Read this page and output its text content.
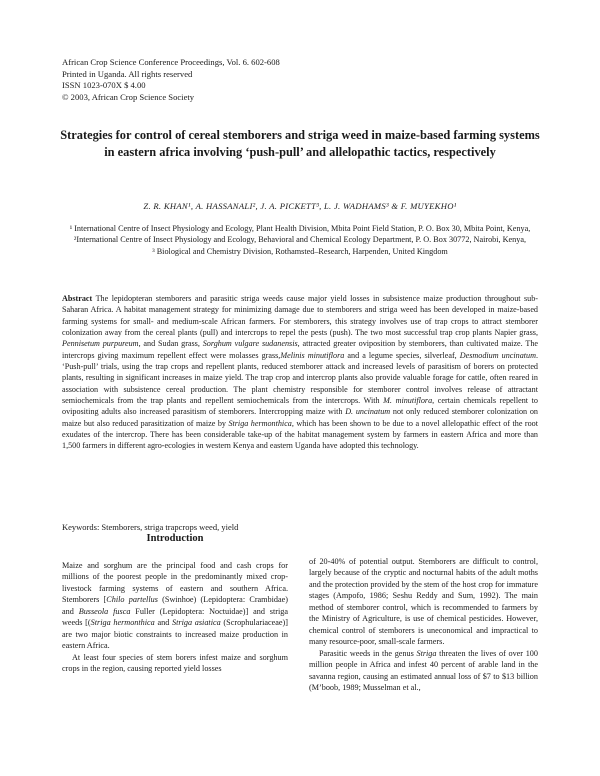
African Crop Science Conference Proceedings, Vol. 6. 602-608
Printed in Uganda. All rights reserved
ISSN 1023-070X $ 4.00
© 2003, African Crop Science Society
Strategies for control of cereal stemborers and striga weed in maize-based farming systems in eastern africa involving ‘push-pull’ and allelopathic tactics, respectively
Z. R. KHAN¹, A. HASSANALI², J. A. PICKETT³, L. J. WADHAMS³ & F. MUYEKHO¹
¹ International Centre of Insect Physiology and Ecology, Plant Health Division, Mbita Point Field Station, P. O. Box 30, Mbita Point, Kenya,
²International Centre of Insect Physiology and Ecology, Behavioral and Chemical Ecology Department, P. O. Box 30772, Nairobi, Kenya,
³ Biological and Chemistry Division, Rothamsted–Research, Harpenden, United Kingdom
Abstract The lepidopteran stemborers and parasitic striga weeds cause major yield losses in subsistence maize production throughout sub-Saharan Africa. A habitat management strategy for minimizing damage due to stemborers and striga weed has been developed in maize-based farming systems for small- and medium-scale African farmers. For stemborers, this strategy involves use of trap crops to attract stemborer colonization away from the cereal plants (pull) and intercrops to repel the pests (push). The two most successful trap crop plants Napier grass, Pennisetum purpureum, and Sudan grass, Sorghum vulgare sudanensis, attracted greater oviposition by stemborers, than cultivated maize. The intercrops giving maximum repellent effect were molasses grass,Melinis minutiflora and a legume species, silverleaf, Desmodium uncinatum. ‘Push-pull’ trials, using the trap crops and repellent plants, reduced stemborer attack and increased levels of parasitism of borers on protected plants, resulting in significant increases in maize yield. The trap crop and intercrop plants also provide valuable forage for cattle, often reared in association with subsistence cereal production. The plant chemistry responsible for stemborer control involves release of attractant semiochemicals from the trap plants and repellent semiochemicals from the intercrops. With M. minutiflora, certain chemicals repellent to ovipositing adults also increased parasitism of stemborers. Intercropping maize with D. uncinatum not only reduced stemborer colonization on maize but also reduced parasitization of maize by Striga hermonthica, which has been shown to be due to a novel allelopathic effect of the root exudates of the intercrop. There has been considerable take-up of the habitat management system by farmers in eastern Africa and more than 1,500 farmers in different agro-ecologies in western Kenya and eastern Uganda have adopted this technology.
Keywords: Stemborers, striga trapcrops weed, yield
Introduction

Maize and sorghum are the principal food and cash crops for millions of the poorest people in the predominantly mixed crop-livestock farming systems of eastern and southern Africa. Stemborers [Chilo partellus (Swinhoe) (Lepidoptera: Crambidae) and Busseola fusca Fuller (Lepidoptera: Noctuidae)] and striga weeds [(Striga hermonthica and Striga asiatica (Scrophulariaceae)] are two major biotic constraints to increased maize production in eastern Africa.

At least four species of stem borers infest maize and sorghum crops in the region, causing reported yield losses

of 20-40% of potential output. Stemborers are difficult to control, largely because of the cryptic and nocturnal habits of the adult moths and the protection provided by the stem of the host crop for immature stages (Ampofo, 1986; Seshu Reddy and Sum, 1992). The main method of stemborer control, which is recommended to farmers by the Ministry of Agriculture, is use of chemical pesticides. However, chemical control of stemborers is uneconomical and impractical to many resource-poor, small-scale farmers.

Parasitic weeds in the genus Striga threaten the lives of over 100 million people in Africa and infest 40 percent of arable land in the savanna region, causing an estimated annual loss of $7 to $13 billion (M’boob, 1989; Musselman et al.,
